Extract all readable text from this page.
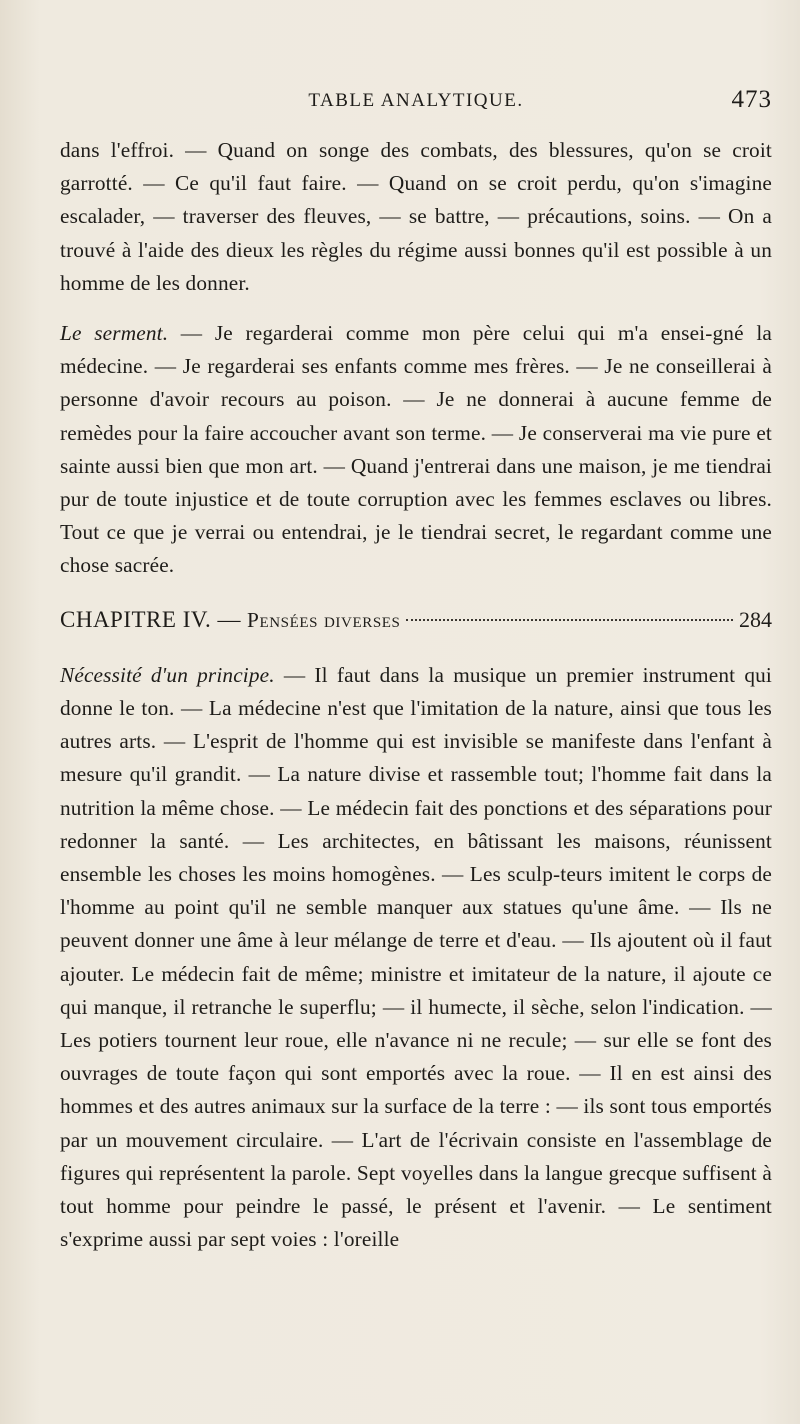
TABLE ANALYTIQUE.	473

dans l'effroi. — Quand on songe des combats, des blessures, qu'on se croit garrotté. — Ce qu'il faut faire. — Quand on se croit perdu, qu'on s'imagine escalader, — traverser des fleuves, — se battre, — précautions, soins. — On a trouvé à l'aide des dieux les règles du régime aussi bonnes qu'il est possible à un homme de les donner.

Le serment. — Je regarderai comme mon père celui qui m'a ensei-gné la médecine. — Je regarderai ses enfants comme mes frères. — Je ne conseillerai à personne d'avoir recours au poison. — Je ne donnerai à aucune femme de remèdes pour la faire accoucher avant son terme. — Je conserverai ma vie pure et sainte aussi bien que mon art. — Quand j'entrerai dans une maison, je me tiendrai pur de toute injustice et de toute corruption avec les femmes esclaves ou libres. Tout ce que je verrai ou entendrai, je le tiendrai secret, le regardant comme une chose sacrée.

CHAPITRE IV. — Pensées diverses	284

Nécessité d'un principe. — Il faut dans la musique un premier instrument qui donne le ton. — La médecine n'est que l'imitation de la nature, ainsi que tous les autres arts. — L'esprit de l'homme qui est invisible se manifeste dans l'enfant à mesure qu'il grandit. — La nature divise et rassemble tout; l'homme fait dans la nutrition la même chose. — Le médecin fait des ponctions et des séparations pour redonner la santé. — Les architectes, en bâtissant les maisons, réunissent ensemble les choses les moins homogènes. — Les sculp-teurs imitent le corps de l'homme au point qu'il ne semble manquer aux statues qu'une âme. — Ils ne peuvent donner une âme à leur mélange de terre et d'eau. — Ils ajoutent où il faut ajouter. Le médecin fait de même; ministre et imitateur de la nature, il ajoute ce qui manque, il retranche le superflu; — il humecte, il sèche, selon l'indication. — Les potiers tournent leur roue, elle n'avance ni ne recule; — sur elle se font des ouvrages de toute façon qui sont emportés avec la roue. — Il en est ainsi des hommes et des autres animaux sur la surface de la terre : — ils sont tous emportés par un mouvement circulaire. — L'art de l'écrivain consiste en l'assemblage de figures qui représentent la parole. Sept voyelles dans la langue grecque suffisent à tout homme pour peindre le passé, le présent et l'avenir. — Le sentiment s'exprime aussi par sept voies : l'oreille
